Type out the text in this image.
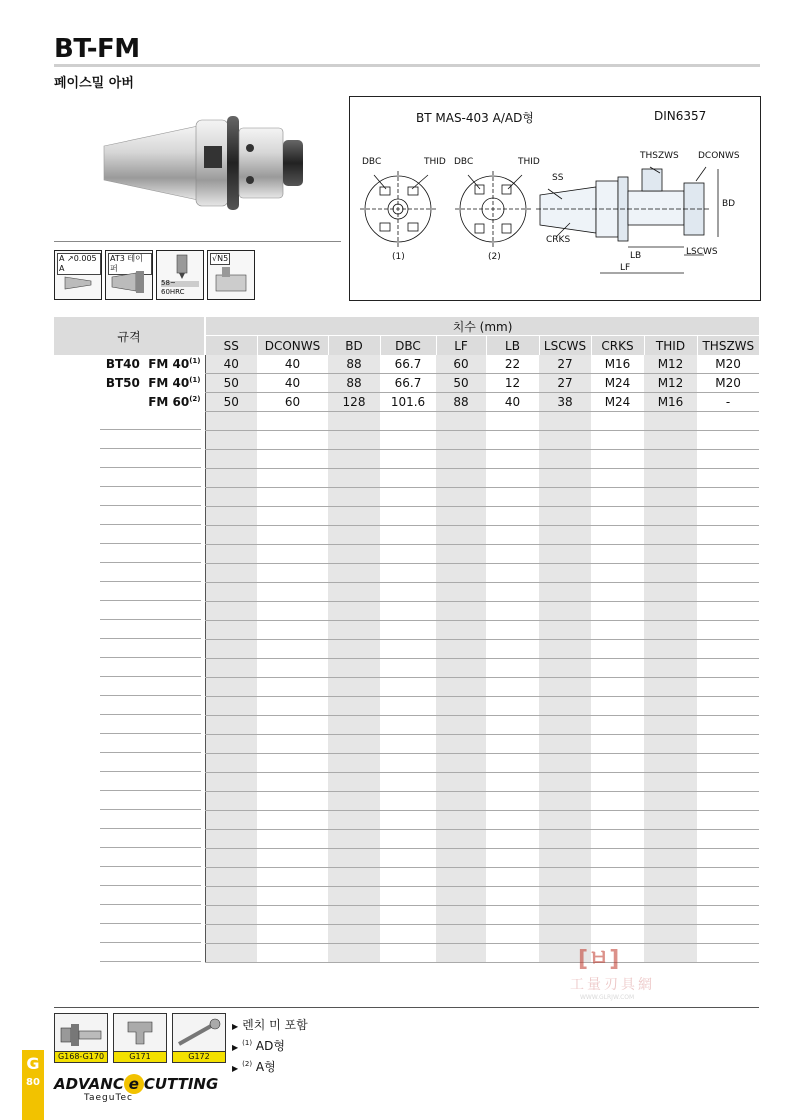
BT-FM
페이스밀 아버
A ↗0.005 A
AT3 테이퍼
58~
60HRC
√N5
BT MAS-403 A/AD형	DIN6357
DBC	THID DBC	THID
(1)	(2)
SS
CRKS
THSZWS DCONWS
BD
LB	LSCWS
LF
규격	치수 (mm)									
	SS	DCONWS	BD	DBC	LF	LB	LSCWS	CRKS	THID	THSZWS
BT40  FM 40$^{(1)}$	40	40	88	66.7	60	22	27	M16	M12	M20
BT50  FM 40$^{(1)}$	50	40	88	66.7	50	12	27	M24	M12	M20
FM 60$^{(2)}$	50	60	128	101.6	88	40	38	M24	M16	-

G168-G170	G171	G172
▶ 렌치 미 포함
▶ $^{(1)}$ AD형
▶ $^{(2)}$ A형
G
80 ADVANC e CUTTING
TaeguTec
[ㅂ]
工量刃具網
WWW.GLRJW.COM
